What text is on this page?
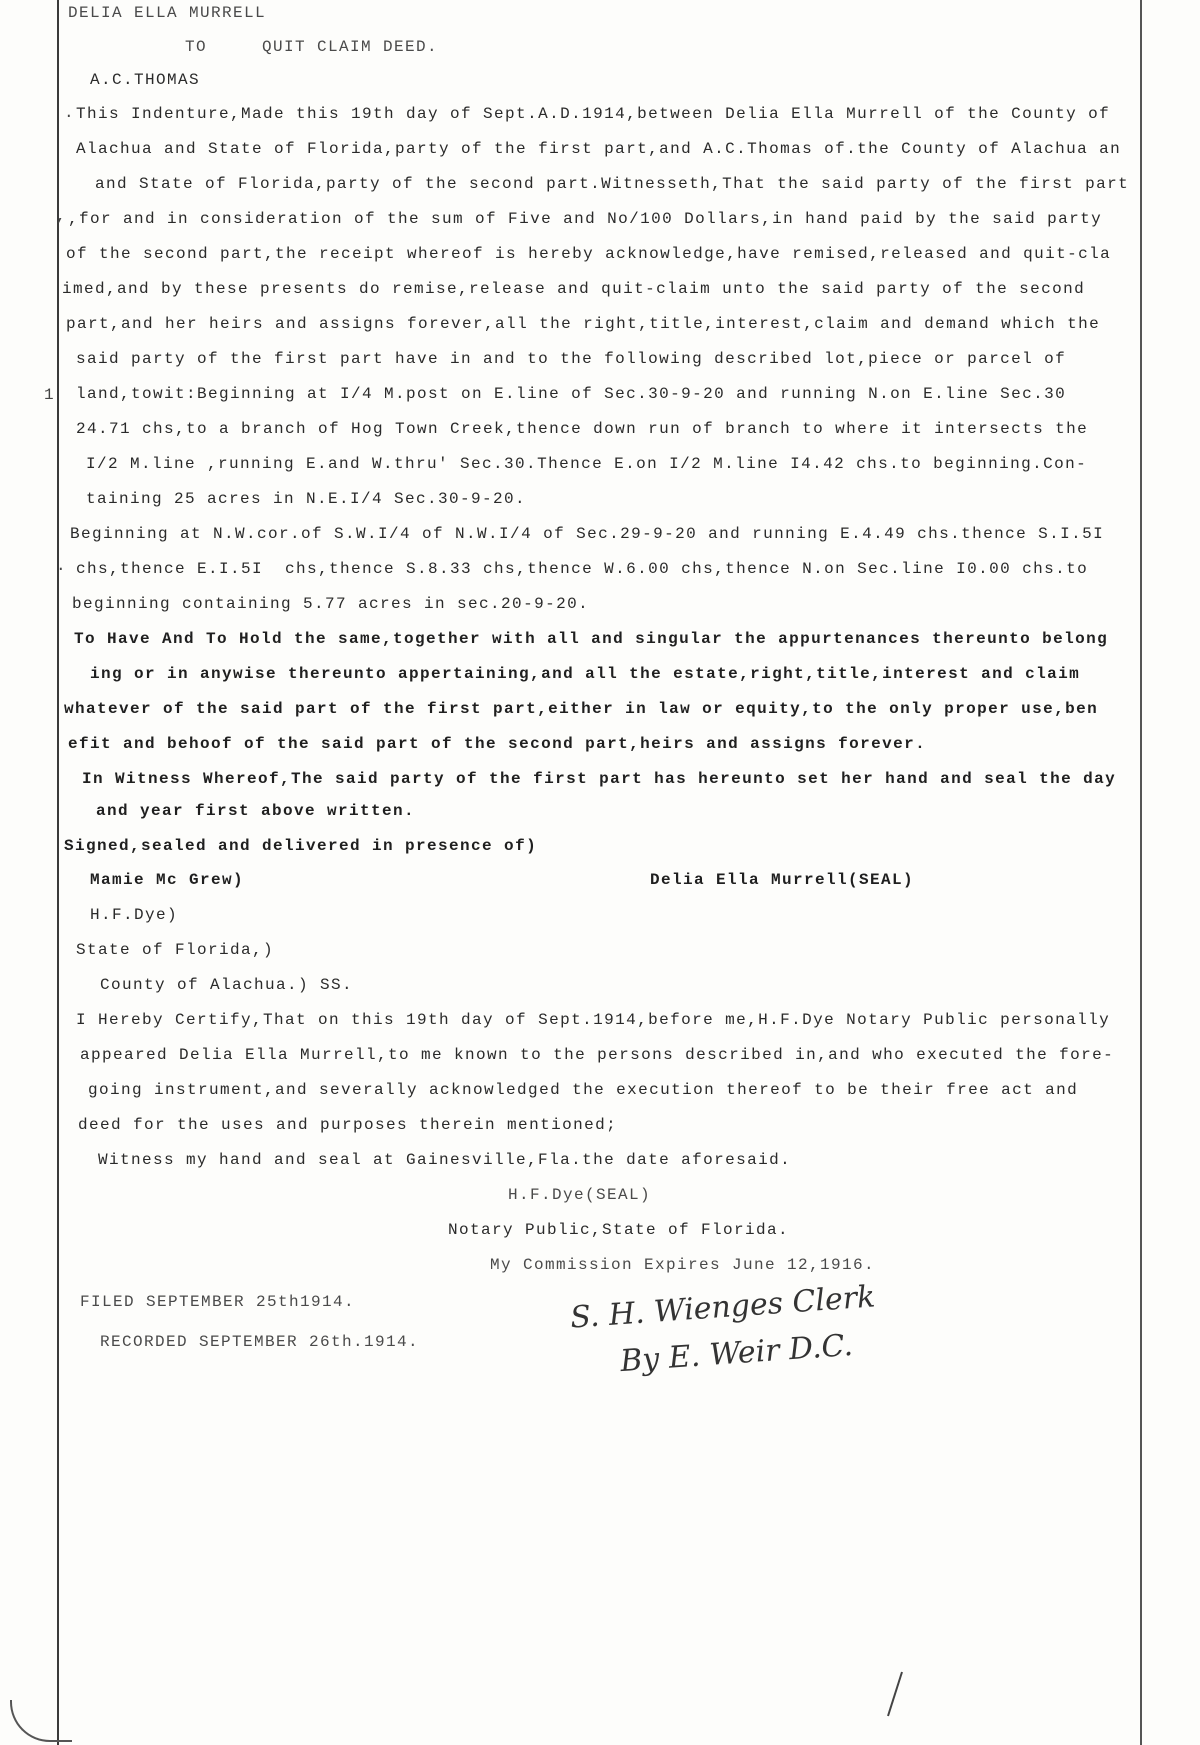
DELIA ELLA MURRELL
TO     QUIT CLAIM DEED.
A.C.THOMAS
This Indenture,Made this 19th day of Sept.A.D.1914,between Delia Ella Murrell of the County of
Alachua and State of Florida,party of the first part,and A.C.Thomas of.the County of Alachua an
and State of Florida,party of the second part.Witnesseth,That the said party of the first part
,for and in consideration of the sum of Five and No/100 Dollars,in hand paid by the said party
of the second part,the receipt whereof is hereby acknowledge,have remised,released and quit-cla
imed,and by these presents do remise,release and quit-claim unto the said party of the second
part,and her heirs and assigns forever,all the right,title,interest,claim and demand which the
said party of the first part have in and to the following described lot,piece or parcel of
land,towit:Beginning at I/4 M.post on E.line of Sec.30-9-20 and running N.on E.line Sec.30
24.71 chs,to a branch of Hog Town Creek,thence down run of branch to where it intersects the
I/2 M.line ,running E.and W.thru' Sec.30.Thence E.on I/2 M.line I4.42 chs.to beginning.Con-
taining 25 acres in N.E.I/4 Sec.30-9-20.
Beginning at N.W.cor.of S.W.I/4 of N.W.I/4 of Sec.29-9-20 and running E.4.49 chs.thence S.I.5I
chs,thence E.I.5I  chs,thence S.8.33 chs,thence W.6.00 chs,thence N.on Sec.line I0.00 chs.to
beginning containing 5.77 acres in sec.20-9-20.
To Have And To Hold the same,together with all and singular the appurtenances thereunto belong
ing or in anywise thereunto appertaining,and all the estate,right,title,interest and claim
whatever of the said part of the first part,either in law or equity,to the only proper use,ben
efit and behoof of the said part of the second part,heirs and assigns forever.
In Witness Whereof,The said party of the first part has hereunto set her hand and seal the day
and year first above written.
Signed,sealed and delivered in presence of)
Mamie Mc Grew)	Delia Ella Murrell(SEAL)
H.F.Dye)
State of Florida,)
County of Alachua.) SS.
I Hereby Certify,That on this 19th day of Sept.1914,before me,H.F.Dye Notary Public personally
appeared Delia Ella Murrell,to me known to the persons described in,and who executed the fore-
going instrument,and severally acknowledged the execution thereof to be their free act and
deed for the uses and purposes therein mentioned;
Witness my hand and seal at Gainesville,Fla.the date aforesaid.
H.F.Dye(SEAL)
Notary Public,State of Florida.
My Commission Expires June 12,1916.
FILED SEPTEMBER 25th1914.
RECORDED SEPTEMBER 26th.1914.
S. H. Wienges Clerk
By E. Weir D.C.
1
.
,
.
